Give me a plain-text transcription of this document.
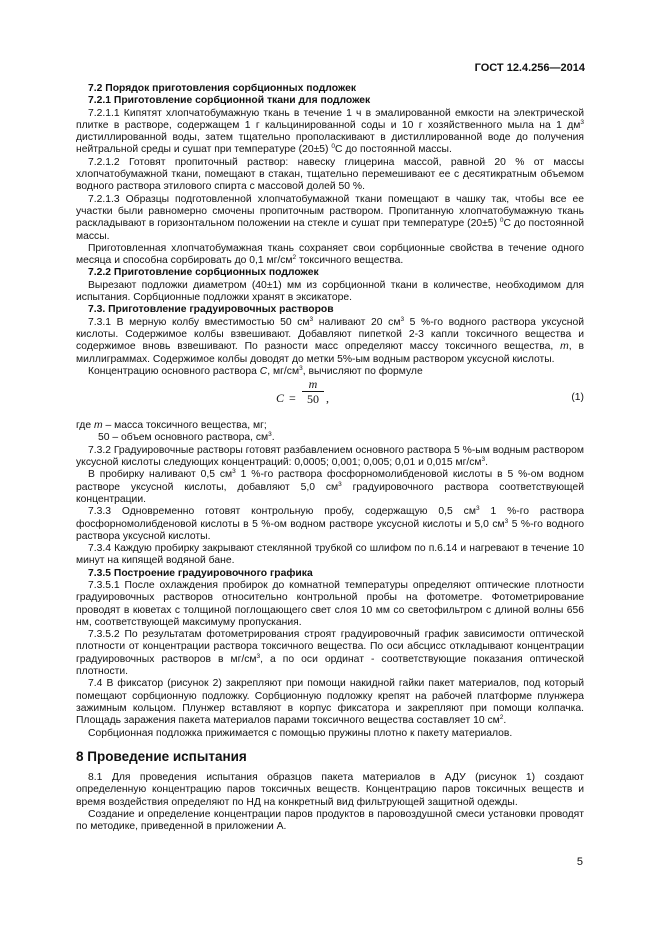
ГОСТ 12.4.256—2014

7.2 Порядок приготовления сорбционных подложек

7.2.1 Приготовление сорбционной ткани для подложек

7.2.1.1 Кипятят хлопчатобумажную ткань в течение 1 ч в эмалированной емкости на электрической плитке в растворе, содержащем 1 г кальцинированной соды и 10 г хозяйственного мыла на 1 $дм^3$ дистиллированной воды, затем тщательно прополаскивают в дистиллированной воде до получения нейтральной среды и сушат при температуре (20±5) $^0$С до постоянной массы.

7.2.1.2 Готовят пропиточный раствор: навеску глицерина массой, равной 20 % от массы хлопчатобумажной ткани, помещают в стакан, тщательно перемешивают ее с десятикратным объемом водного раствора этилового спирта с массовой долей 50 %.

7.2.1.3 Образцы подготовленной хлопчатобумажной ткани помещают в чашку так, чтобы все ее участки были равномерно смочены пропиточным раствором. Пропитанную хлопчатобумажную ткань раскладывают в горизонтальном положении на стекле и сушат при температуре (20±5) $^0$С до постоянной массы.

Приготовленная хлопчатобумажная ткань сохраняет свои сорбционные свойства в течение одного месяца и способна сорбировать до 0,1 $мг/см^2$ токсичного вещества.

7.2.2 Приготовление сорбционных подложек

Вырезают подложки диаметром (40±1) мм из сорбционной ткани в количестве, необходимом для испытания. Сорбционные подложки хранят в эксикаторе.

7.3. Приготовление градуировочных растворов

7.3.1 В мерную колбу вместимостью 50 $см^3$ наливают 20 $см^3$ 5 %-го водного раствора уксусной кислоты. Содержимое колбы взвешивают. Добавляют пипеткой 2-3 капли токсичного вещества и содержимое вновь взвешивают. По разности масс определяют массу токсичного вещества, m, в миллиграммах. Содержимое колбы доводят до метки 5%-ым водным раствором уксусной кислоты.

Концентрацию основного раствора С, $мг/см^3$, вычисляют по формуле

$C = \frac{m}{50}$ ,	(1)

где m – масса токсичного вещества, мг;

50 – объем основного раствора, $см^3$.

7.3.2 Градуировочные растворы готовят разбавлением основного раствора 5 %-ым водным раствором уксусной кислоты следующих концентраций: 0,0005; 0,001; 0,005; 0,01 и 0,015 $мг/см^3$.

В пробирку наливают 0,5 $см^3$ 1 %-го раствора фосфорномолибденовой кислоты в 5 %-ом водном растворе уксусной кислоты, добавляют 5,0 $см^3$ градуировочного раствора соответствующей концентрации.

7.3.3 Одновременно готовят контрольную пробу, содержащую 0,5 $см^3$ 1 %-го раствора фосфорномолибденовой кислоты в 5 %-ом водном растворе уксусной кислоты и 5,0 $см^3$ 5 %-го водного раствора уксусной кислоты.

7.3.4 Каждую пробирку закрывают стеклянной трубкой со шлифом по п.6.14 и нагревают в течение 10 минут на кипящей водяной бане.

7.3.5 Построение градуировочного графика

7.3.5.1 После охлаждения пробирок до комнатной температуры определяют оптические плотности градуировочных растворов относительно контрольной пробы на фотометре. Фотометрирование проводят в кюветах с толщиной поглощающего свет слоя 10 мм со светофильтром с длиной волны 656 нм, соответствующей максимуму пропускания.

7.3.5.2 По результатам фотометрирования строят градуировочный график зависимости оптической плотности от концентрации раствора токсичного вещества. По оси абсцисс откладывают концентрации градуировочных растворов в $мг/см^3$, а по оси ординат - соответствующие показания оптической плотности.

7.4 В фиксатор (рисунок 2) закрепляют при помощи накидной гайки пакет материалов, под который помещают сорбционную подложку. Сорбционную подложку крепят на рабочей платформе плунжера зажимным кольцом. Плунжер вставляют в корпус фиксатора и закрепляют при помощи колпачка. Площадь заражения пакета материалов парами токсичного вещества составляет 10 $см^2$.

Сорбционная подложка прижимается с помощью пружины плотно к пакету материалов.

8 Проведение испытания

8.1 Для проведения испытания образцов пакета материалов в АДУ (рисунок 1) создают определенную концентрацию паров токсичных веществ. Концентрацию паров токсичных веществ и время воздействия определяют по НД на конкретный вид фильтрующей защитной одежды.

Создание и определение концентрации паров продуктов в паровоздушной смеси установки проводят по методике, приведенной в приложении А.

5
